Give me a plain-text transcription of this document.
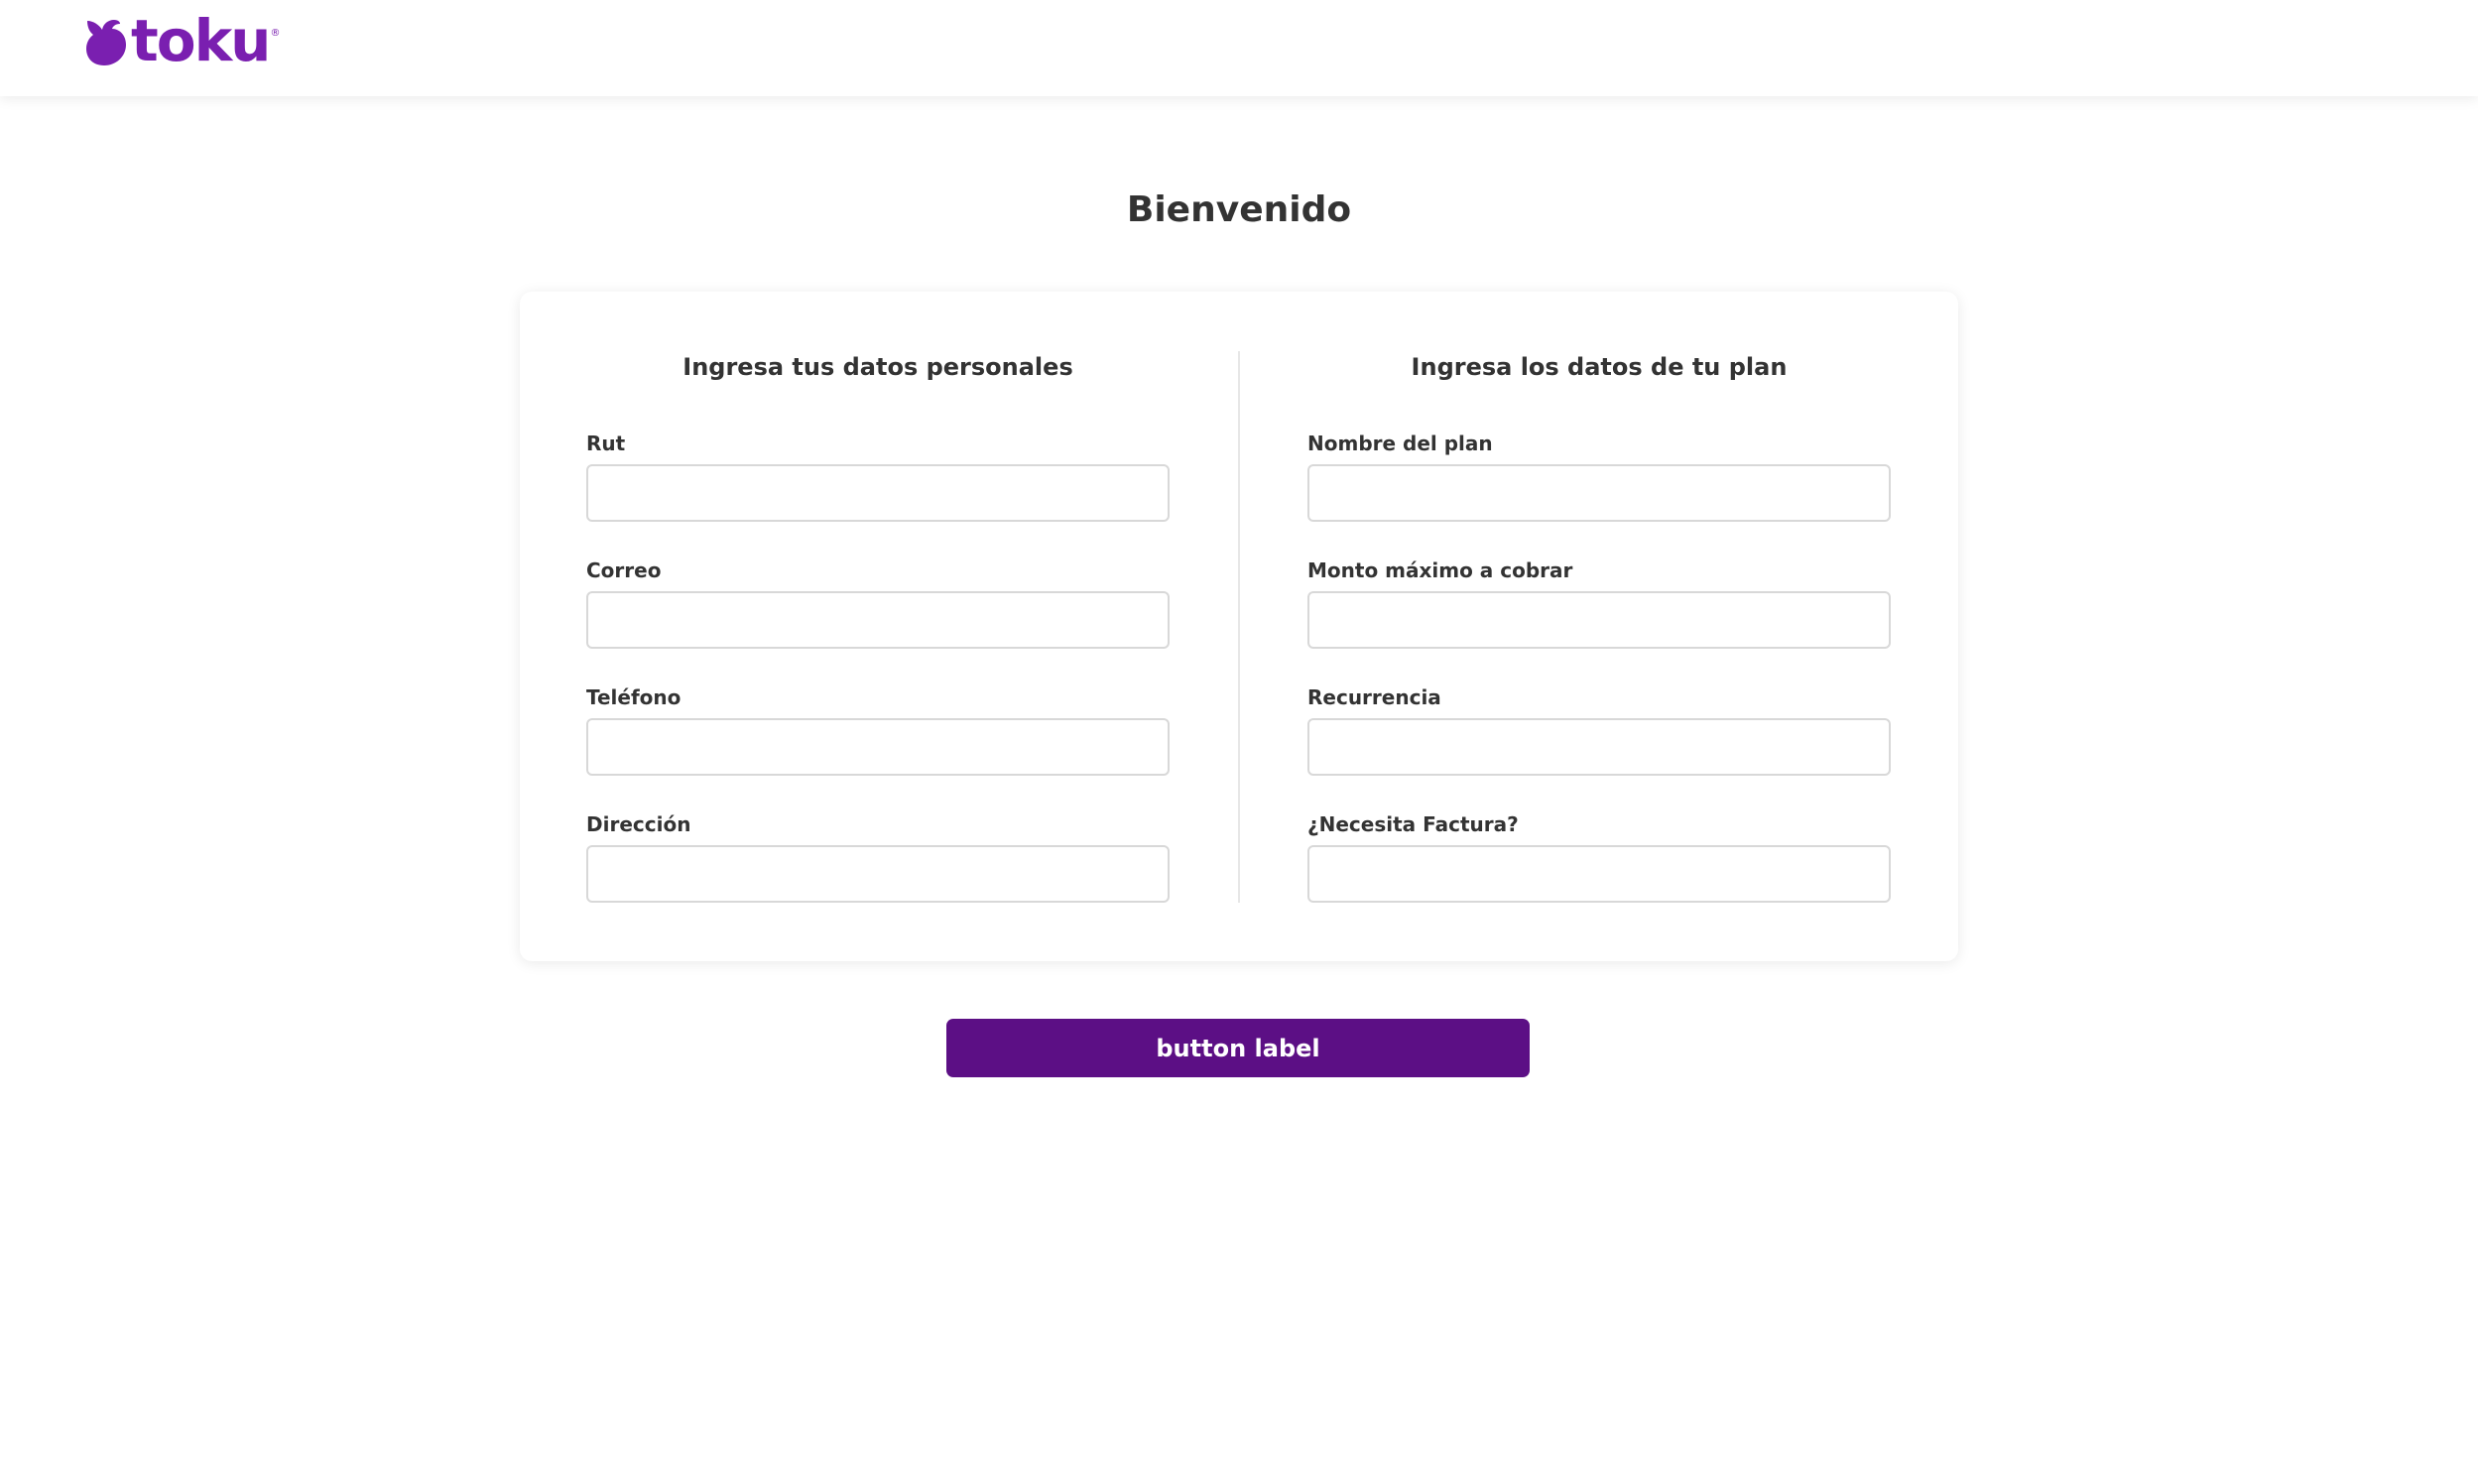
toku ®
Bienvenido
Ingresa tus datos personales
Rut
Correo
Teléfono
Dirección
Ingresa los datos de tu plan
Nombre del plan
Monto máximo a cobrar
Recurrencia
¿Necesita Factura?
button label
